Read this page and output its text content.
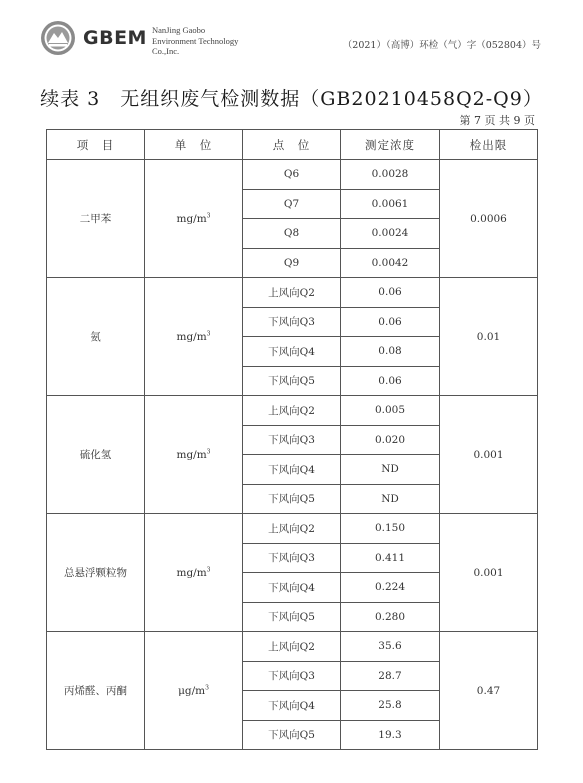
GBEM NanJing Gaobo
Environment Technology
Co.,Inc.	（2021）（高博）环检（气）字（052804）号
续表 3　无组织废气检测数据（GB20210458Q2-Q9）
第 7 页 共 9 页
项　目	单　位	点　位	测定浓度	检出限
二甲苯	$mg/m^3$	Q6	0.0028	0.0006
		Q7	0.0061	
		Q8	0.0024	
		Q9	0.0042	
氨	$mg/m^3$	上风向Q2	0.06	0.01
		下风向Q3	0.06	
		下风向Q4	0.08	
		下风向Q5	0.06	
硫化氢	$mg/m^3$	上风向Q2	0.005	0.001
		下风向Q3	0.020	
		下风向Q4	ND	
		下风向Q5	ND	
总悬浮颗粒物	$mg/m^3$	上风向Q2	0.150	0.001
		下风向Q3	0.411	
		下风向Q4	0.224	
		下风向Q5	0.280	
丙烯醛、丙酮	$\mu g/m^3$	上风向Q2	35.6	0.47
		下风向Q3	28.7	
		下风向Q4	25.8	
		下风向Q5	19.3	
